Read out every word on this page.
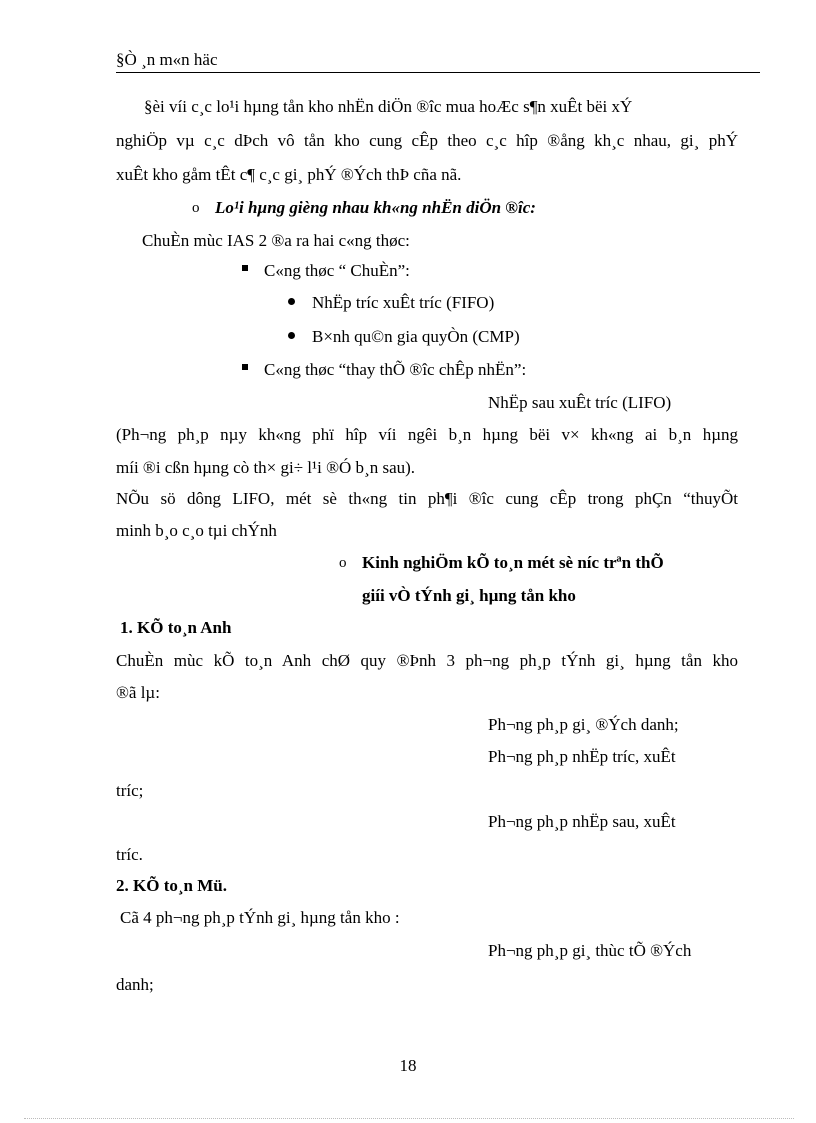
§Ò ¸n m«n häc
§èi víi c¸c lo¹i hµng tån kho nhËn diÖn ®îc mua hoÆc s¶n xuÊt bëi xÝ
nghiÖp vµ c¸c dÞch vô tån kho cung cÊp theo c¸c hîp ®ång kh¸c nhau, gi¸ phÝ
xuÊt kho gåm tÊt c¶ c¸c gi¸ phÝ ®Ých thÞ cña nã.
o Lo¹i hµng gièng nhau kh«ng nhËn diÖn ®îc:
ChuÈn mùc IAS 2 ®a ra hai c«ng thøc:
C«ng thøc “ ChuÈn”:
NhËp tríc xuÊt tríc (FIFO)
B×nh qu©n gia quyÒn (CMP)
C«ng thøc “thay thÕ ®îc chÊp nhËn”:
NhËp sau xuÊt tríc (LIFO)
(Ph¬ng ph¸p nµy kh«ng phï hîp víi ngêi b¸n hµng bëi v× kh«ng ai b¸n hµng
míi ®i cßn hµng cò th× gi÷ l¹i ®Ó b¸n sau).
NÕu sö dông LIFO, mét sè th«ng tin ph¶i ®îc cung cÊp trong phÇn “thuyÕt
minh b¸o c¸o tµi chÝnh
o Kinh nghiÖm kÕ to¸n mét sè níc trªn thÕ
giíi vÒ tÝnh gi¸ hµng tån kho
1. KÕ to¸n Anh
ChuÈn mùc kÕ to¸n Anh chØ quy ®Þnh 3 ph¬ng ph¸p tÝnh gi¸ hµng tån kho
®ã lµ:
Ph¬ng ph¸p gi¸ ®Ých danh;
Ph¬ng ph¸p nhËp tríc, xuÊt
tríc;
Ph¬ng ph¸p nhËp sau, xuÊt
tríc.
2. KÕ to¸n Mü.
Cã 4 ph¬ng ph¸p tÝnh gi¸ hµng tån kho :
Ph¬ng ph¸p gi¸ thùc tÕ ®Ých
danh;
18
